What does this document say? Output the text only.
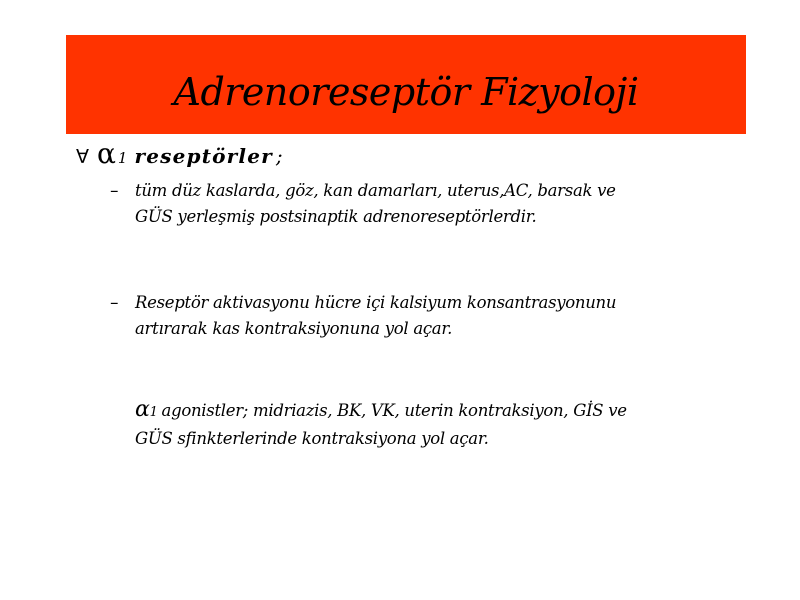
Adrenoreseptör Fizyoloji
∀ α 1 reseptörler ;
–	tüm düz kaslarda, göz, kan damarları, uterus,AC, barsak ve
GÜS yerleşmiş postsinaptik adrenoreseptörlerdir.
–	Reseptör aktivasyonu hücre içi kalsiyum konsantrasyonunu
artırarak kas kontraksiyonuna yol açar.
α1 agonistler; midriazis, BK, VK, uterin kontraksiyon, GİS ve
GÜS sfinkterlerinde kontraksiyona yol açar.
